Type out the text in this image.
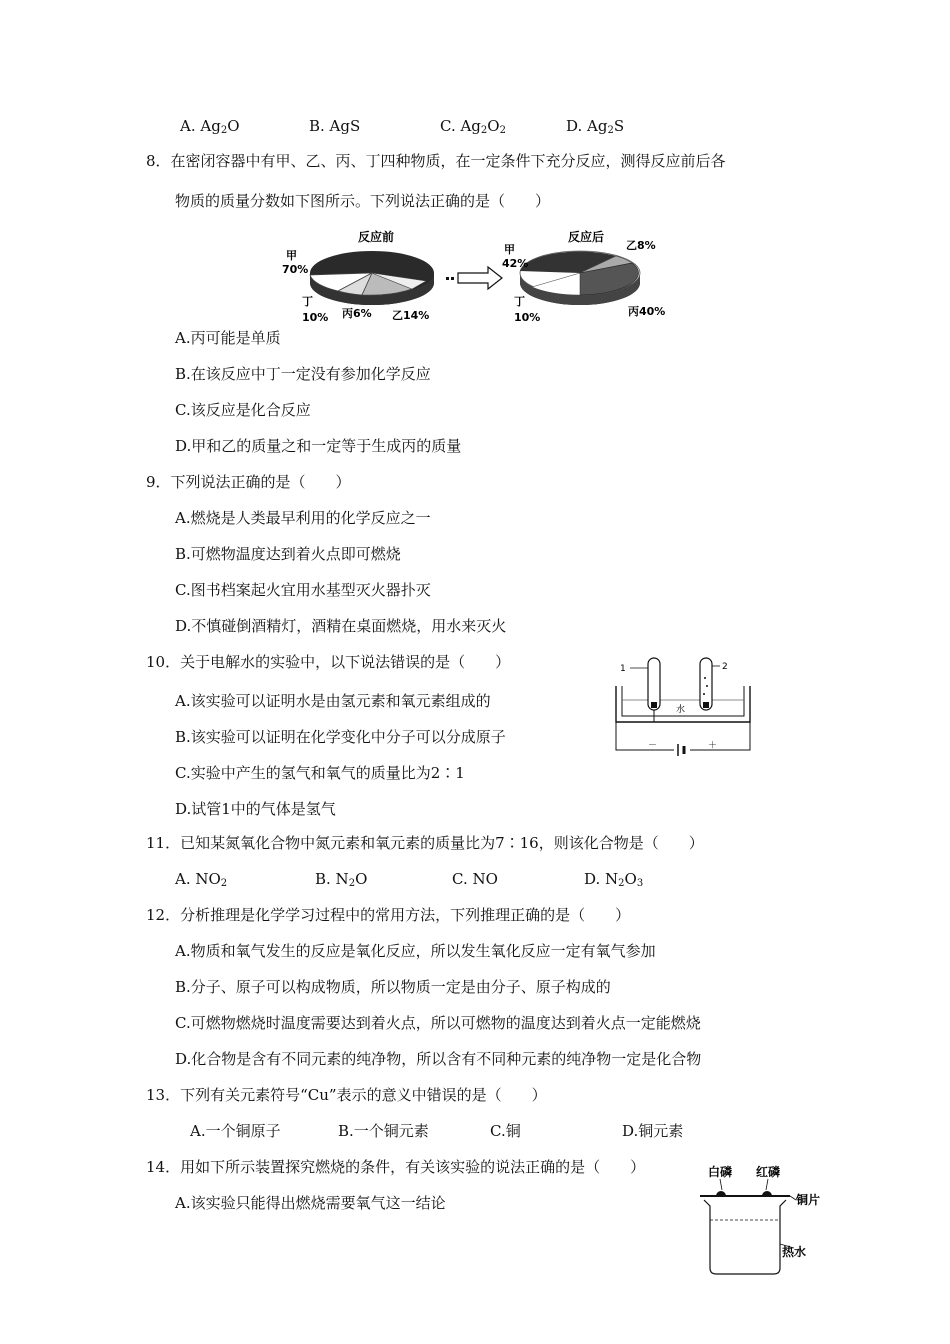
A. $Ag_2O$	B. AgS	C. $Ag_2O_2$	D. $Ag_2S$
8．在密闭容器中有甲、乙、丙、丁四种物质，在一定条件下充分反应，测得反应前后各
物质的质量分数如下图所示。下列说法正确的是（　　）
反应前
甲
70%
丁
10% 丙6% 乙14%
反应后
甲
42%
乙8%
丁
10%	丙40%
A.丙可能是单质
B.在该反应中丁一定没有参加化学反应
C.该反应是化合反应
D.甲和乙的质量之和一定等于生成丙的质量
9．下列说法正确的是（　　）
A.燃烧是人类最早利用的化学反应之一
B.可燃物温度达到着火点即可燃烧
C.图书档案起火宜用水基型灭火器扑灭
D.不慎碰倒酒精灯，酒精在桌面燃烧，用水来灭火
10．关于电解水的实验中，以下说法错误的是（　　）
A.该实验可以证明水是由氢元素和氧元素组成的
B.该实验可以证明在化学变化中分子可以分成原子
C.实验中产生的氢气和氧气的质量比为2∶1
D.试管1中的气体是氢气
1	2
水
－	＋
11．已知某氮氧化合物中氮元素和氧元素的质量比为7∶16，则该化合物是（　　）
A. $NO_2$	B. $N_2O$	C. NO	D. $N_2O_3$
12．分析推理是化学学习过程中的常用方法，下列推理正确的是（　　）
A.物质和氧气发生的反应是氧化反应，所以发生氧化反应一定有氧气参加
B.分子、原子可以构成物质，所以物质一定是由分子、原子构成的
C.可燃物燃烧时温度需要达到着火点，所以可燃物的温度达到着火点一定能燃烧
D.化合物是含有不同元素的纯净物，所以含有不同种元素的纯净物一定是化合物
13．下列有关元素符号“Cu”表示的意义中错误的是（　　）
A.一个铜原子	B.一个铜元素	C.铜	D.铜元素
14．用如下所示装置探究燃烧的条件，有关该实验的说法正确的是（　　）
A.该实验只能得出燃烧需要氧气这一结论
白磷 红磷
铜片
热水
